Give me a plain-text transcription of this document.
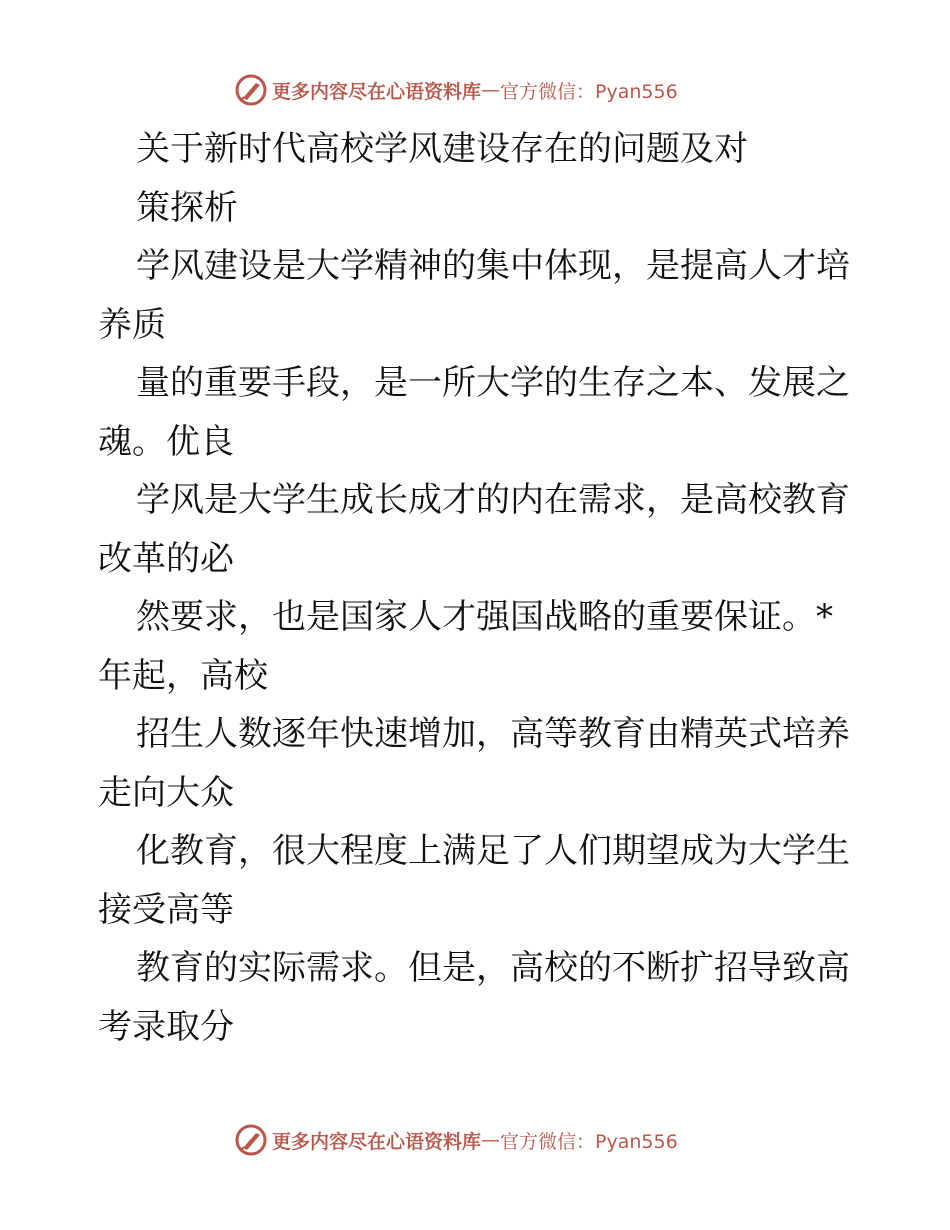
更多内容尽在心语资料库 — 官方微信：Pyan556
关于新时代高校学风建设存在的问题及对
策探析
学风建设是大学精神的集中体现，是提高人才培
养质
量的重要手段，是一所大学的生存之本、发展之
魂。优良
学风是大学生成长成才的内在需求，是高校教育
改革的必
然要求，也是国家人才强国战略的重要保证。*
年起，高校
招生人数逐年快速增加，高等教育由精英式培养
走向大众
化教育，很大程度上满足了人们期望成为大学生
接受高等
教育的实际需求。但是，高校的不断扩招导致高
考录取分
更多内容尽在心语资料库 — 官方微信：Pyan556
